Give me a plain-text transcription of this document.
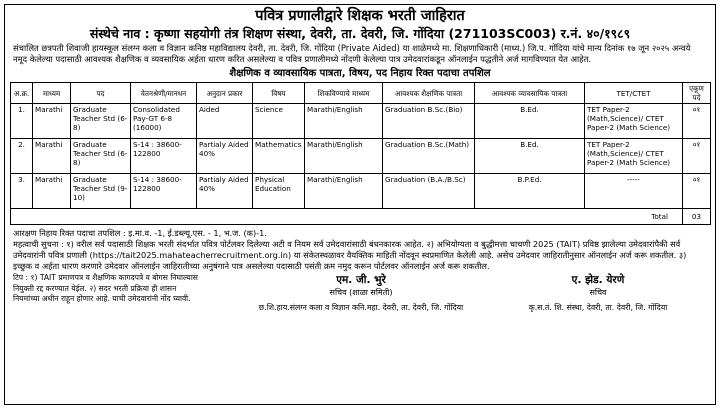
पवित्र प्रणालीद्वारे शिक्षक भरती जाहिरात
संस्थेचे नाव : कृष्णा सहयोगी तंत्र शिक्षण संस्था, देवरी, ता. देवरी, जि. गोंदिया (271103SC003) र.नं. ४०/१९८९
संचालित छत्रपती शिवाजी हायस्कूल संलग्न कला व विज्ञान कनिष्ठ महाविद्यालय देवरी, ता. देवरी, जि. गोंदिया (Private Aided) या शाळेमध्ये मा. शिक्षणाधिकारी (माध्य.) जि.प. गोंदिया यांचे मान्य दिनांक १७ जून २०२५ अन्वये नमूद केलेल्या पदासाठी आवश्यक शैक्षणिक व व्यवसायिक अर्हता धारण करित असलेल्या व पवित्र प्रणालीमध्ये नोंदणी केलेल्या पात्र उमेदवारांकडून ऑनलाईन पद्धतीने अर्ज मागविण्यात येत आहेत.
शैक्षणिक व व्यावसायिक पात्रता, विषय, पद निहाय रिक्त पदाचा तपशिल
अ.क्र.	माध्यम	पद	वेतनश्रेणी/मानधन	अनुदान प्रकार	विषय	शिकविण्याचे माध्यम	आवश्यक शैक्षणिक पात्रता	आवश्यक व्यावसायिक पात्रता	TET/CTET	एकूण पदे
1.	Marathi	Graduate Teacher Std (6-8)	Consolidated Pay-GT 6-8 (16000)	Aided	Science	Marathi/English	Graduation B.Sc.(Bio)	B.Ed.	TET Paper-2 (Math,Science)/ CTET Paper-2 (Math Science)	०१
2.	Marathi	Graduate Teacher Std (6-8)	S-14 : 38600-122800	Partialy Aided 40%	Mathematics	Marathi/English	Graduation B.Sc.(Math)	B.Ed.	TET Paper-2 (Math,Science)/ CTET Paper-2 (Math Science)	०१
3.	Marathi	Graduate Teacher Std (9-10)	S-14 : 38600-122800	Partialy Aided 40%	Physical Education	Marathi/English	Graduation (B.A./B.Sc)	B.P.Ed.	-----	०१
Total										03
आरक्षण निहाय रिक्त पदाचा तपशिल : इ.मा.व. -1, ई.डब्ल्यू.एस. - 1, भ.ज. (क)-1.
महत्वाची सुचना : १) वरील सर्व पदासाठी शिक्षक भरती संदर्भात पवित्र पोर्टलवर दिलेल्या अटी व नियम सर्व उमेदवारांसाठी बंधनकारक आहेत. २) अभियोग्यता व बुद्धीमत्ता चाचणी 2025 (TAIT) प्रविष्ठ झालेल्या उमेदवारांपैकी सर्व उमेदवारांनी पवित्र प्रणाली (https://tait2025.mahateacherrecruitment.org.in) या संकेतस्थळावर वैयक्तिक माहिती नोंदवून स्वप्रमाणित केलेली आहे. असेच उमेदवार जाहिरातीनुसार ऑनलाईन अर्ज करू शकतील. ३) इच्छुक व अर्हता धारण करणारे उमेदवार ऑनलाईन जाहिरातीच्या अनुषंगाने पात्र असलेल्या पदासाठी पसंती क्रम नमुद करून पोर्टलवर ऑनलाईन अर्ज करू शकतील.
टिप : १) TAIT प्रमाणपत्र व शैक्षणिक कागदपत्रे व बोगस निघाल्यास नियुक्ती रद्द करण्यात येईल. २) सदर भरती प्रक्रिया ही शासन नियमांच्या अधीन राहून होणार आहे. याची उमेदवारांनी नोंद घ्यावी.
एम. जी. भुरे
सचिव (शाळा समिती)
छ.शि.हाय.संलग्न कला व विज्ञान कनि.महा. देवरी, ता. देवरी, जि. गोंदिया
ए. झेड. येरणे
सचिव
कृ.स.तं. शि. संस्था, देवरी, ता. देवरी, जि. गोंदिया
